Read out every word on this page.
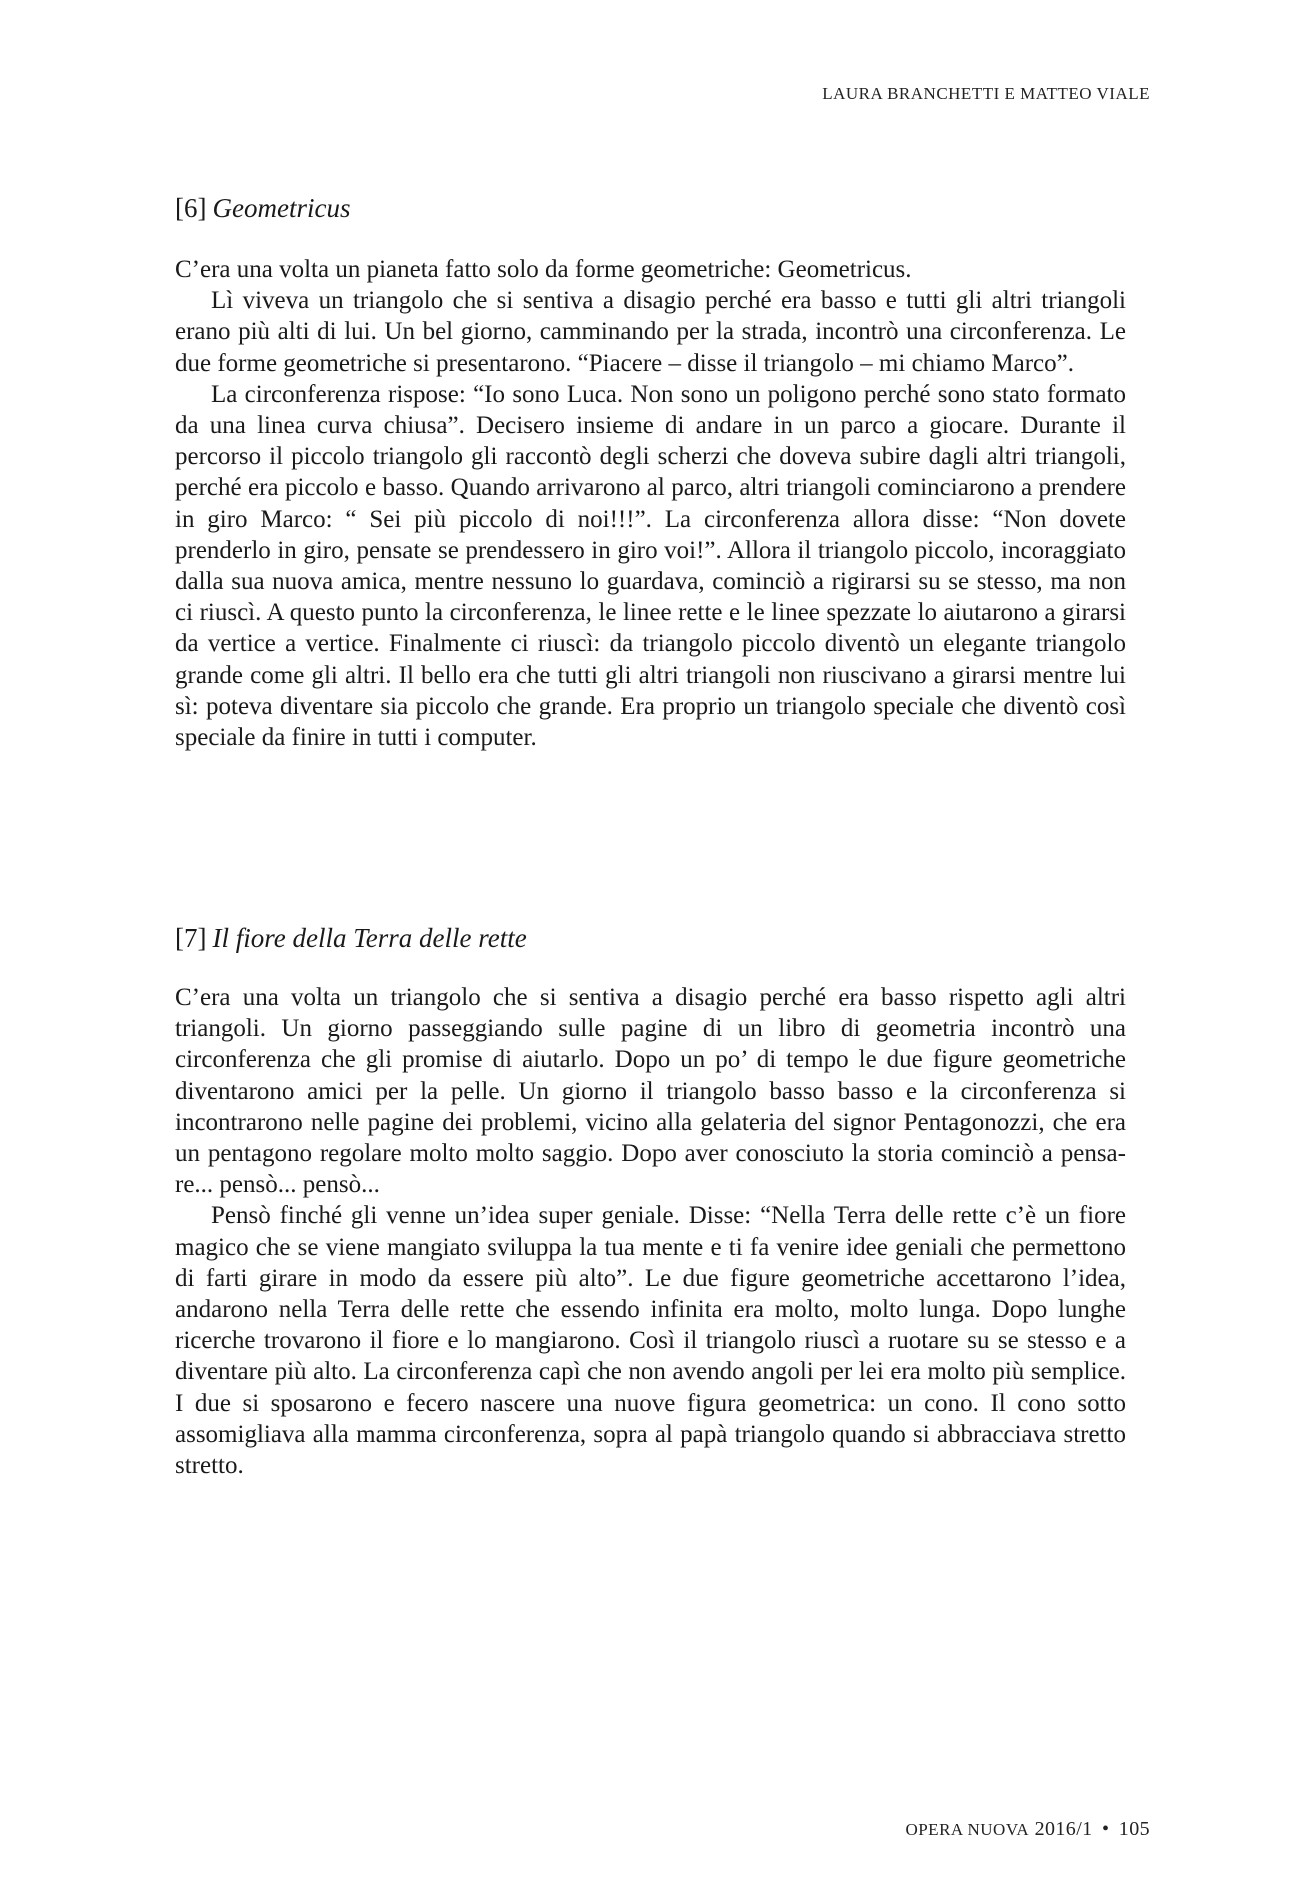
LAURA BRANCHETTI E MATTEO VIALE
[6] Geometricus

C’era una volta un pianeta fatto solo da forme geometriche: Geometricus.

Lì viveva un triangolo che si sentiva a disagio perché era basso e tutti gli altri triangoli erano più alti di lui. Un bel giorno, camminando per la strada, incontrò una circonferenza. Le due forme geometriche si presentarono. “Piacere – disse il triangolo – mi chiamo Marco”.

La circonferenza rispose: “Io sono Luca. Non sono un poligono perché sono stato formato da una linea curva chiusa”. Decisero insieme di andare in un parco a giocare. Durante il percorso il piccolo triangolo gli raccontò degli scherzi che doveva subire dagli altri triangoli, perché era piccolo e basso. Quando arrivarono al parco, altri triangoli cominciarono a prendere in giro Marco: “ Sei più piccolo di noi!!!”. La circonferenza allora disse: “Non dovete prenderlo in giro, pensate se prendessero in giro voi!”. Allora il triangolo piccolo, incoraggiato dalla sua nuova amica, mentre nessuno lo guardava, cominciò a rigirarsi su se stesso, ma non ci riuscì. A questo punto la circonferenza, le linee rette e le linee spezzate lo aiutarono a girarsi da vertice a vertice. Finalmente ci riuscì: da triangolo piccolo diventò un elegante triangolo grande come gli altri. Il bello era che tutti gli altri triangoli non riuscivano a girarsi mentre lui sì: poteva diventare sia piccolo che grande. Era proprio un triangolo speciale che diventò così speciale da finire in tutti i computer.

[7] Il fiore della Terra delle rette

C’era una volta un triangolo che si sentiva a disagio perché era basso rispetto agli altri triangoli. Un giorno passeggiando sulle pagine di un libro di geometria incontrò una circonferenza che gli promise di aiutarlo. Dopo un po’ di tempo le due figure geometriche diventarono amici per la pelle. Un giorno il triangolo basso basso e la circonferenza si incontrarono nelle pagine dei problemi, vicino alla gelateria del signor Pentagonozzi, che era un pentagono regolare molto molto saggio. Dopo aver conosciuto la storia cominciò a pensare... pensò... pensò...

Pensò finché gli venne un’idea super geniale. Disse: “Nella Terra delle rette c’è un fiore magico che se viene mangiato sviluppa la tua mente e ti fa venire idee geniali che permettono di farti girare in modo da essere più alto”. Le due figure geometriche accettarono l’idea, andarono nella Terra delle rette che essendo infinita era molto, molto lunga. Dopo lunghe ricerche trovarono il fiore e lo mangiarono. Così il triangolo riuscì a ruotare su se stesso e a diventare più alto. La circonferenza capì che non avendo angoli per lei era molto più semplice. I due si sposarono e fecero nascere una nuove figura geometrica: un cono. Il cono sotto assomigliava alla mamma circonferenza, sopra al papà triangolo quando si abbracciava stretto stretto.

OPERA NUOVA 2016/1 • 105
